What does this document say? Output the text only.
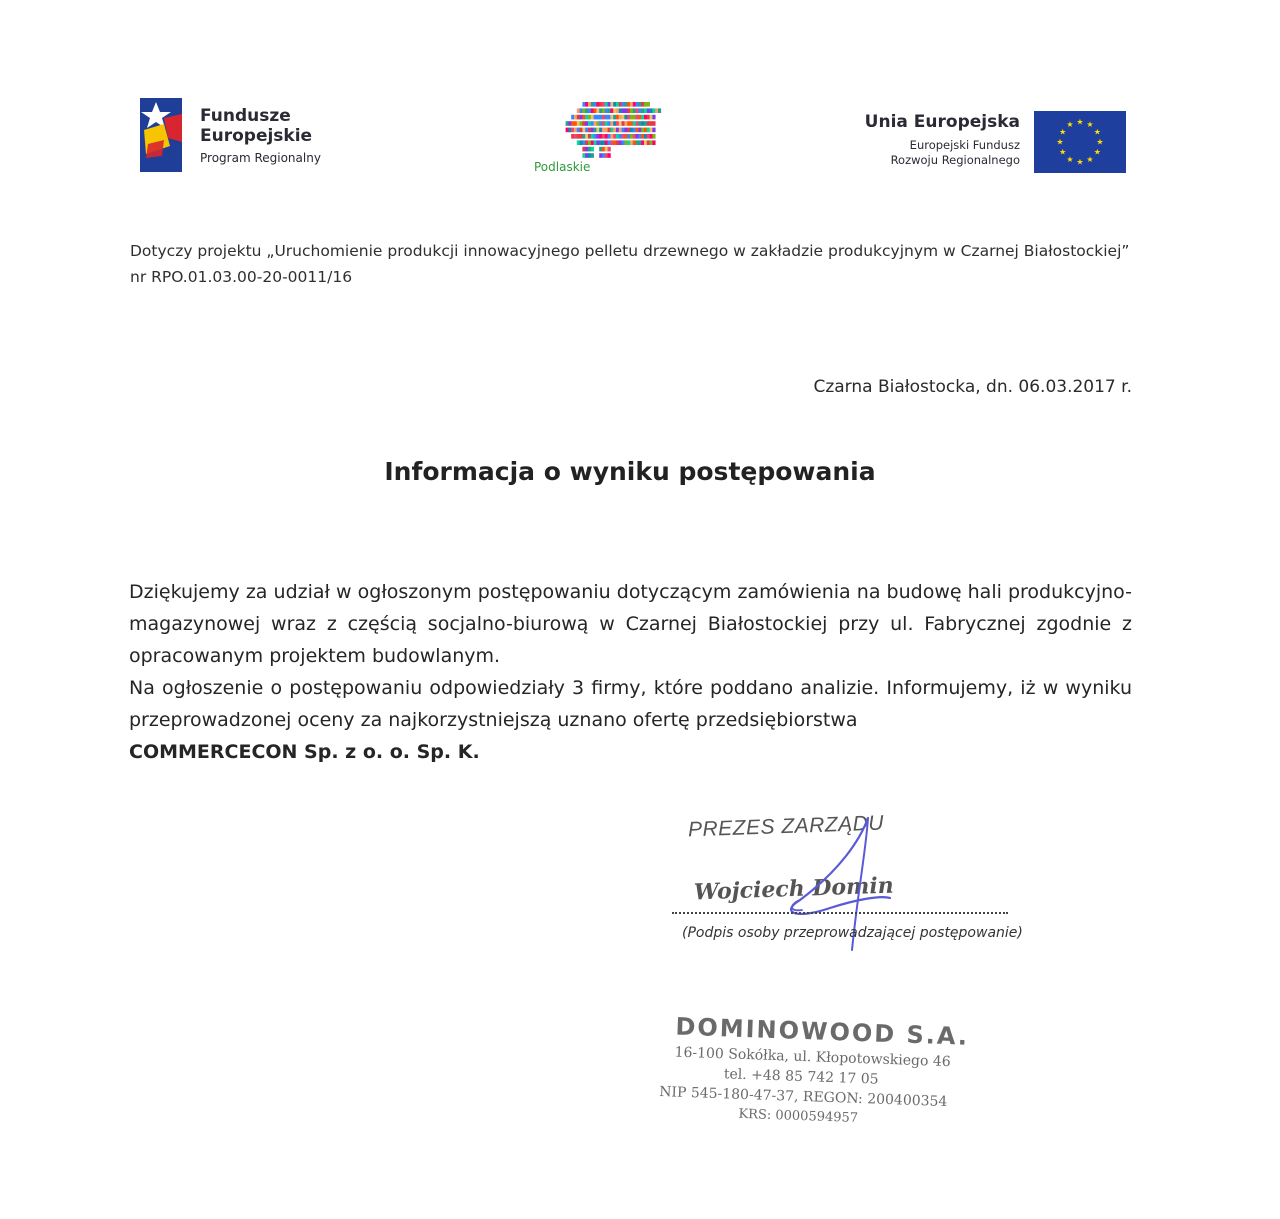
Fundusze
Europejskie
Program Regionalny
Podlaskie
Unia Europejska
Europejski Fundusz
Rozwoju Regionalnego
★
★
★
★
★
★
★
★
★ ★ ★
★
Dotyczy projektu „Uruchomienie produkcji innowacyjnego pelletu drzewnego w zakładzie produkcyjnym w Czarnej Białostockiej” nr RPO.01.03.00-20-0011/16
Czarna Białostocka, dn. 06.03.2017 r.
Informacja o wyniku postępowania

Dziękujemy za udział w ogłoszonym postępowaniu dotyczącym zamówienia na budowę hali produkcyjno-magazynowej wraz z częścią socjalno-biurową w Czarnej Białostockiej przy ul. Fabrycznej zgodnie z opracowanym projektem budowlanym.

Na ogłoszenie o postępowaniu odpowiedziały 3 firmy, które poddano analizie. Informujemy, iż w wyniku przeprowadzonej oceny za najkorzystniejszą uznano ofertę przedsiębiorstwa
COMMERCECON Sp. z o. o. Sp. K.

PREZES ZARZĄDU
Wojciech Domin
(Podpis osoby przeprowadzającej postępowanie)
DOMINOWOOD S.A.
16-100 Sokółka, ul. Kłopotowskiego 46
tel. +48 85 742 17 05
NIP 545-180-47-37, REGON: 200400354
KRS: 0000594957
